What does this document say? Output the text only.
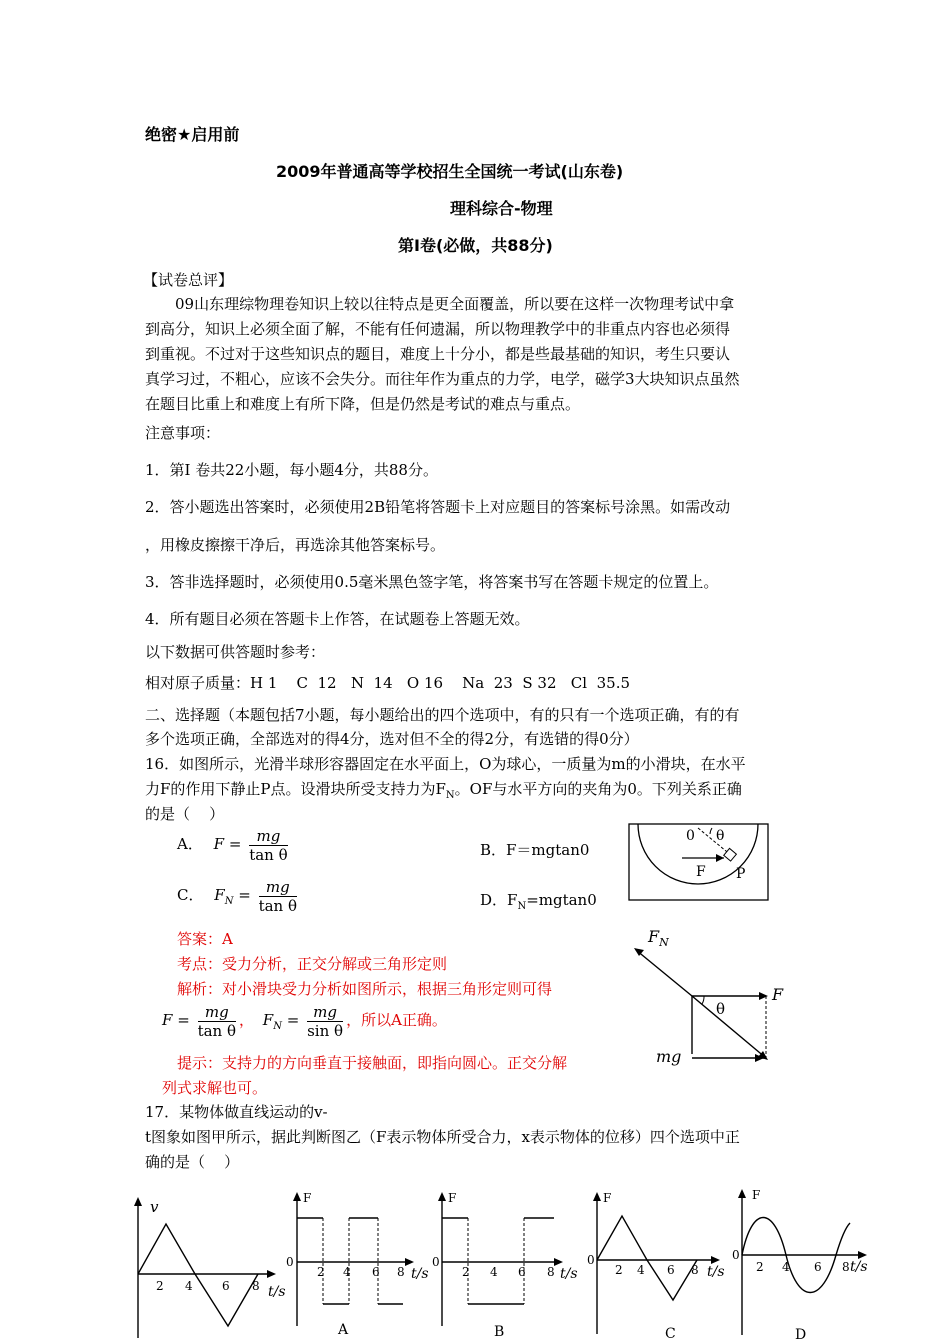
绝密★启用前
2009年普通高等学校招生全国统一考试(山东卷)
理科综合-物理
第Ⅰ卷(必做，共88分)
【试卷总评】
09山东理综物理卷知识上较以往特点是更全面覆盖，所以要在这样一次物理考试中拿
到高分，知识上必须全面了解，不能有任何遗漏，所以物理教学中的非重点内容也必须得
到重视。不过对于这些知识点的题目，难度上十分小，都是些最基础的知识，考生只要认
真学习过，不粗心，应该不会失分。而往年作为重点的力学，电学，磁学3大块知识点虽然
在题目比重上和难度上有所下降，但是仍然是考试的难点与重点。
注意事项：
1．第I 卷共22小题，每小题4分，共88分。
2．答小题选出答案时，必须使用2B铅笔将答题卡上对应题目的答案标号涂黑。如需改动
，用橡皮擦擦干净后，再选涂其他答案标号。
3．答非选择题时，必须使用0.5毫米黑色签字笔，将答案书写在答题卡规定的位置上。
4．所有题目必须在答题卡上作答，在试题卷上答题无效。
以下数据可供答题时参考：
相对原子质量：H 1    C  12   N  14   O 16    Na  23  S 32   Cl  35.5
二、选择题（本题包括7小题，每小题给出的四个选项中，有的只有一个选项正确，有的有
多个选项正确，全部选对的得4分，选对但不全的得2分，有选错的得0分）
16．如图所示，光滑半球形容器固定在水平面上，O为球心，一质量为m的小滑块，在水平
力F的作用下静止P点。设滑块所受支持力为$F_N$。OF与水平方向的夹角为0。下列关系正确
的是（    ）
A． $F = \frac{mg}{\text{tan θ}}$	B．F＝mgtan0
C． $F_N = \frac{mg}{\text{tan θ}}$	D．$F_N=mgtan0$
答案：A
考点：受力分析，正交分解或三角形定则
解析：对小滑块受力分析如图所示，根据三角形定则可得
$F = \frac{mg}{\text{tan θ}}$ ， $F_N = \frac{mg}{\text{sin θ}}$ ，所以A正确。
提示：支持力的方向垂直于接触面，即指向圆心。正交分解
列式求解也可。
0 θ
F P
$F_N$
F
θ
mg
17．某物体做直线运动的v-
t图象如图甲所示，据此判断图乙（F表示物体所受合力，x表示物体的位移）四个选项中正
确的是（    ）
v
2 4 6 8 t/s
F
0
2 4 6 8 t/s
A
F
0
2 4 6 8 t/s
B
F
0
2 4 6 8 t/s
C
F
0
2 4 6 8 t/s
D
